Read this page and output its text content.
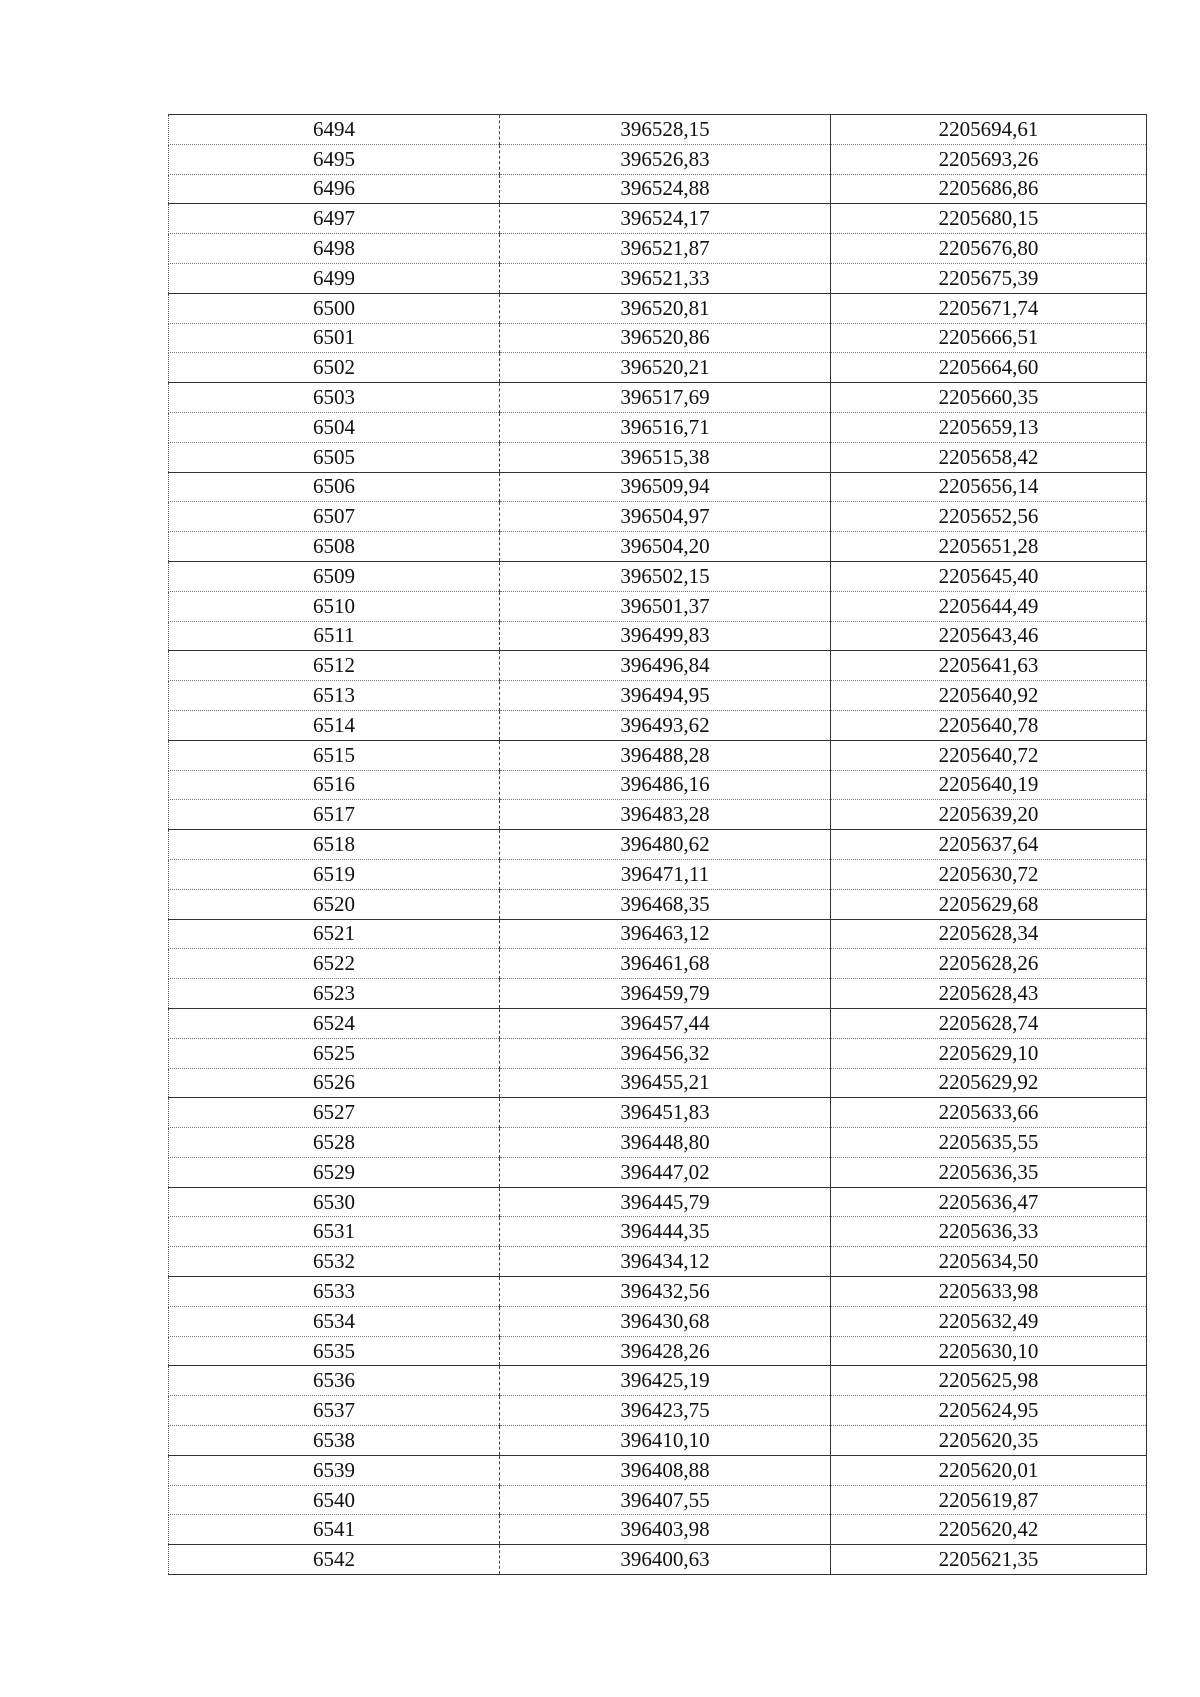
6494	396528,15	2205694,61
6495	396526,83	2205693,26
6496	396524,88	2205686,86
6497	396524,17	2205680,15
6498	396521,87	2205676,80
6499	396521,33	2205675,39
6500	396520,81	2205671,74
6501	396520,86	2205666,51
6502	396520,21	2205664,60
6503	396517,69	2205660,35
6504	396516,71	2205659,13
6505	396515,38	2205658,42
6506	396509,94	2205656,14
6507	396504,97	2205652,56
6508	396504,20	2205651,28
6509	396502,15	2205645,40
6510	396501,37	2205644,49
6511	396499,83	2205643,46
6512	396496,84	2205641,63
6513	396494,95	2205640,92
6514	396493,62	2205640,78
6515	396488,28	2205640,72
6516	396486,16	2205640,19
6517	396483,28	2205639,20
6518	396480,62	2205637,64
6519	396471,11	2205630,72
6520	396468,35	2205629,68
6521	396463,12	2205628,34
6522	396461,68	2205628,26
6523	396459,79	2205628,43
6524	396457,44	2205628,74
6525	396456,32	2205629,10
6526	396455,21	2205629,92
6527	396451,83	2205633,66
6528	396448,80	2205635,55
6529	396447,02	2205636,35
6530	396445,79	2205636,47
6531	396444,35	2205636,33
6532	396434,12	2205634,50
6533	396432,56	2205633,98
6534	396430,68	2205632,49
6535	396428,26	2205630,10
6536	396425,19	2205625,98
6537	396423,75	2205624,95
6538	396410,10	2205620,35
6539	396408,88	2205620,01
6540	396407,55	2205619,87
6541	396403,98	2205620,42
6542	396400,63	2205621,35
